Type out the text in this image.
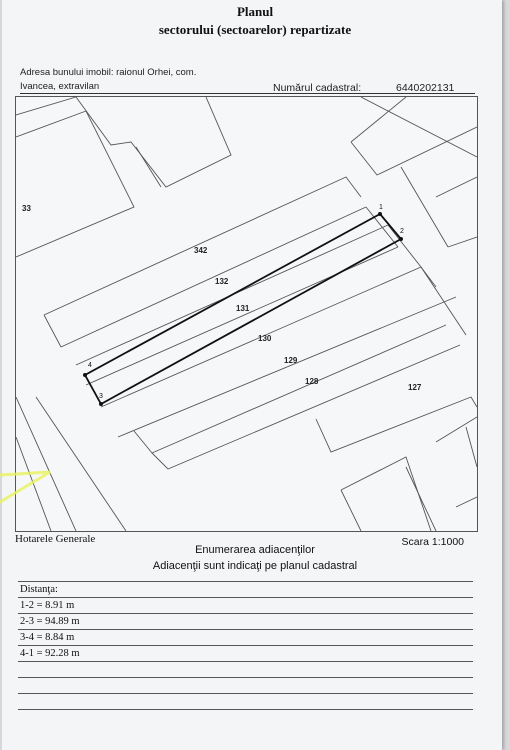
Planul
sectorului (sectoarelor) repartizate
Adresa bunului imobil: raionul Orhei, com.
Ivancea, extravilan	Numărul cadastral:	6440202131
33
342
132
131
130
129
128
127
1
2
3
4
Hotarele Generale	Scara 1:1000
Enumerarea adiacenţilor
Adiacenţii sunt indicaţi pe planul cadastral
Distanţa:
1-2 = 8.91 m
2-3 = 94.89 m
3-4 = 8.84 m
4-1 = 92.28 m
